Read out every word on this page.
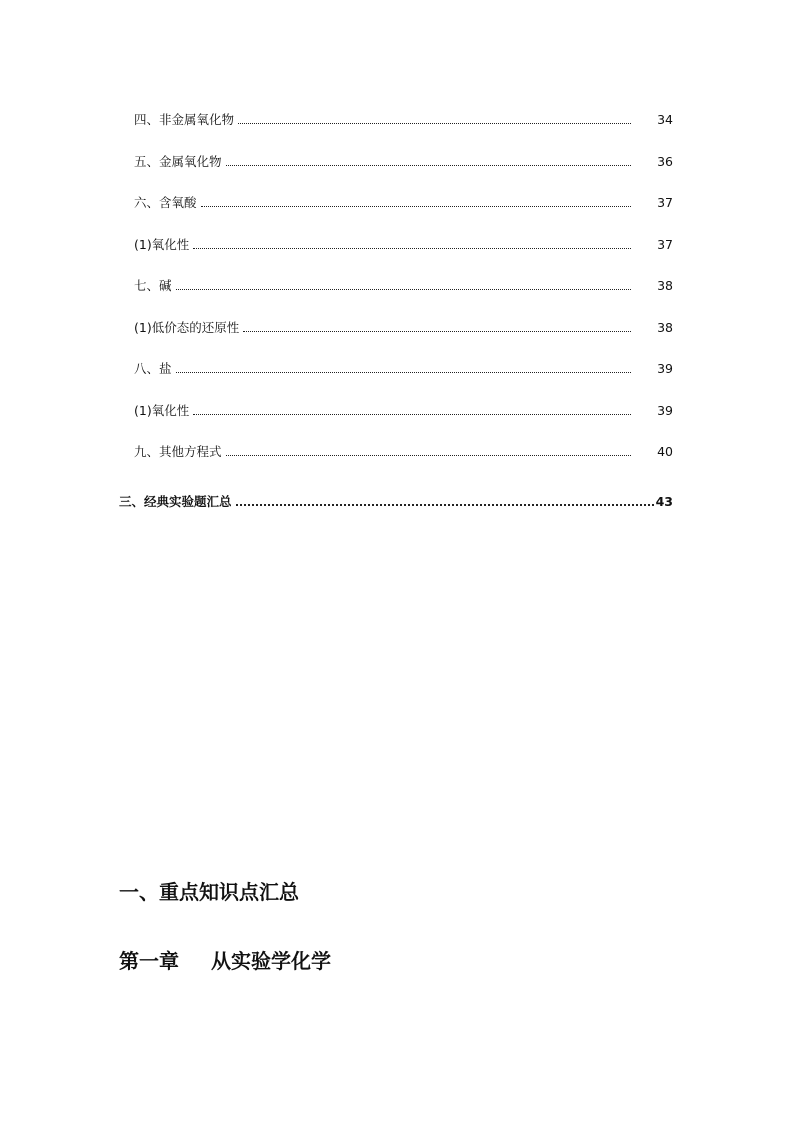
四、非金属氧化物	34
五、金属氧化物	36
六、含氧酸	37
(1)氧化性	37
七、碱	38
(1)低价态的还原性	38
八、盐	39
(1)氧化性	39
九、其他方程式	40
三、经典实验题汇总	43
一、重点知识点汇总
第一章 从实验学化学
